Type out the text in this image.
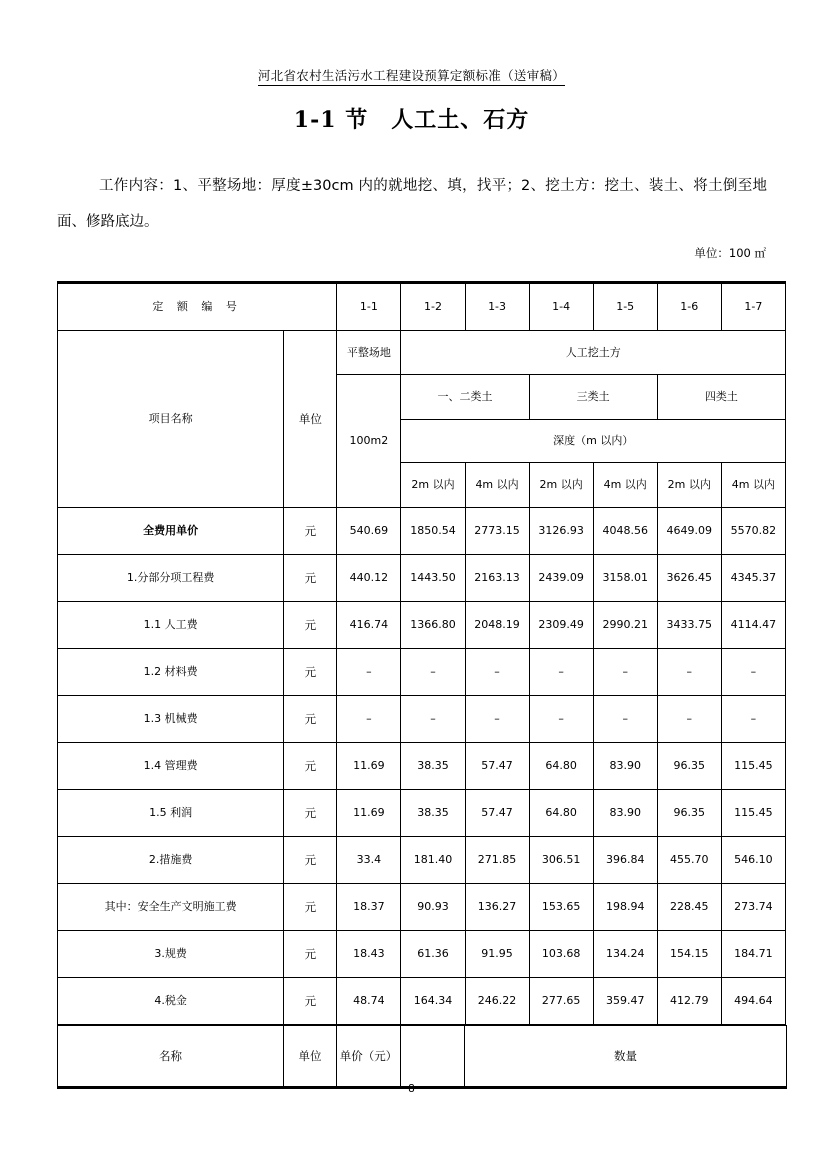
河北省农村生活污水工程建设预算定额标准（送审稿）
1-1 节　人工土、石方
工作内容：1、平整场地：厚度±30cm 内的就地挖、填，找平；2、挖土方：挖土、装土、将土倒至地面、修路底边。
单位：100 ㎡
定 额 编 号		1-1	1-2	1-3	1-4	1-5	1-6	1-7
项目名称	单位	平整场地	人工挖土方					
		100m2	一、二类土		三类土		四类土	
			深度（m 以内）					
			2m 以内	4m 以内	2m 以内	4m 以内	2m 以内	4m 以内
全费用单价	元	540.69	1850.54	2773.15	3126.93	4048.56	4649.09	5570.82
1.分部分项工程费	元	440.12	1443.50	2163.13	2439.09	3158.01	3626.45	4345.37
1.1 人工费	元	416.74	1366.80	2048.19	2309.49	2990.21	3433.75	4114.47
1.2 材料费	元	–	–	–	–	–	–	–
1.3 机械费	元	–	–	–	–	–	–	–
1.4 管理费	元	11.69	38.35	57.47	64.80	83.90	96.35	115.45
1.5 利润	元	11.69	38.35	57.47	64.80	83.90	96.35	115.45
2.措施费	元	33.4	181.40	271.85	306.51	396.84	455.70	546.10
其中：安全生产文明施工费	元	18.37	90.93	136.27	153.65	198.94	228.45	273.74
3.规费	元	18.43	61.36	91.95	103.68	134.24	154.15	184.71
4.税金	元	48.74	164.34	246.22	277.65	359.47	412.79	494.64
名称	单位	单价（元）		数量
8
